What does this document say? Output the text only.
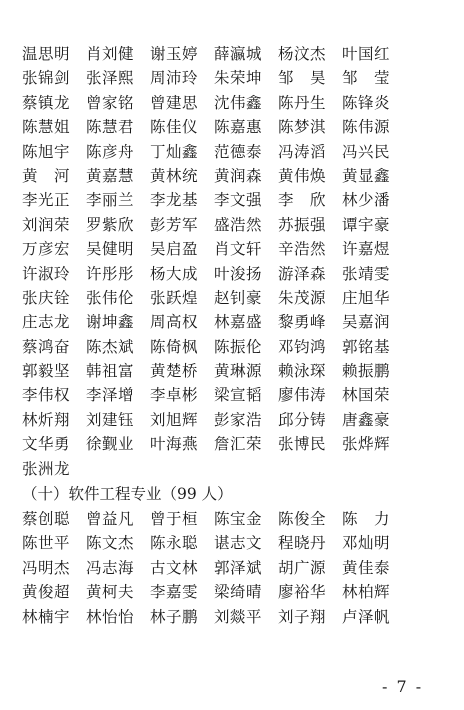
温思明	肖刘健	谢玉婷	薛瀛城	杨汶杰	叶国红
张锦剑	张泽熙	周沛玲	朱荣坤	邹　昊	邹　莹
蔡镇龙	曾家铭	曾建思	沈伟鑫	陈丹生	陈锋炎
陈慧姐	陈慧君	陈佳仪	陈嘉惠	陈梦淇	陈伟源
陈旭宇	陈彦舟	丁灿鑫	范德泰	冯涛滔	冯兴民
黄　河	黄嘉慧	黄林统	黄润森	黄伟焕	黄显鑫
李光正	李丽兰	李龙基	李文强	李　欣	林少潘
刘润荣	罗紫欣	彭芳军	盛浩然	苏振强	谭宇豪
万彦宏	吴健明	吴启盈	肖文轩	辛浩然	许嘉煜
许淑玲	许彤彤	杨大成	叶浚扬	游泽森	张靖雯
张庆铨	张伟伦	张跃煌	赵钊豪	朱茂源	庄旭华
庄志龙	谢坤鑫	周高权	林嘉盛	黎勇峰	吴嘉润
蔡鸿奋	陈杰斌	陈倚枫	陈振伦	邓钧鸿	郭铭基
郭毅坚	韩祖富	黄楚桥	黄琳源	赖泳琛	赖振鹏
李伟权	李泽增	李卓彬	梁宣韬	廖伟涛	林国荣
林炘翔	刘建钰	刘旭辉	彭家浩	邱分铸	唐鑫豪
文华勇	徐觐业	叶海燕	詹汇荣	张博民	张烨辉
张洲龙
（十）软件工程专业（99 人）
蔡创聪	曾益凡	曾于桓	陈宝金	陈俊全	陈　力
陈世平	陈文杰	陈永聪	谌志文	程晓丹	邓灿明
冯明杰	冯志海	古文林	郭泽斌	胡广源	黄佳泰
黄俊超	黄柯夫	李嘉雯	梁绮晴	廖裕华	林柏辉
林楠宇	林怡怡	林子鹏	刘燚平	刘子翔	卢泽帆
- 7 -
